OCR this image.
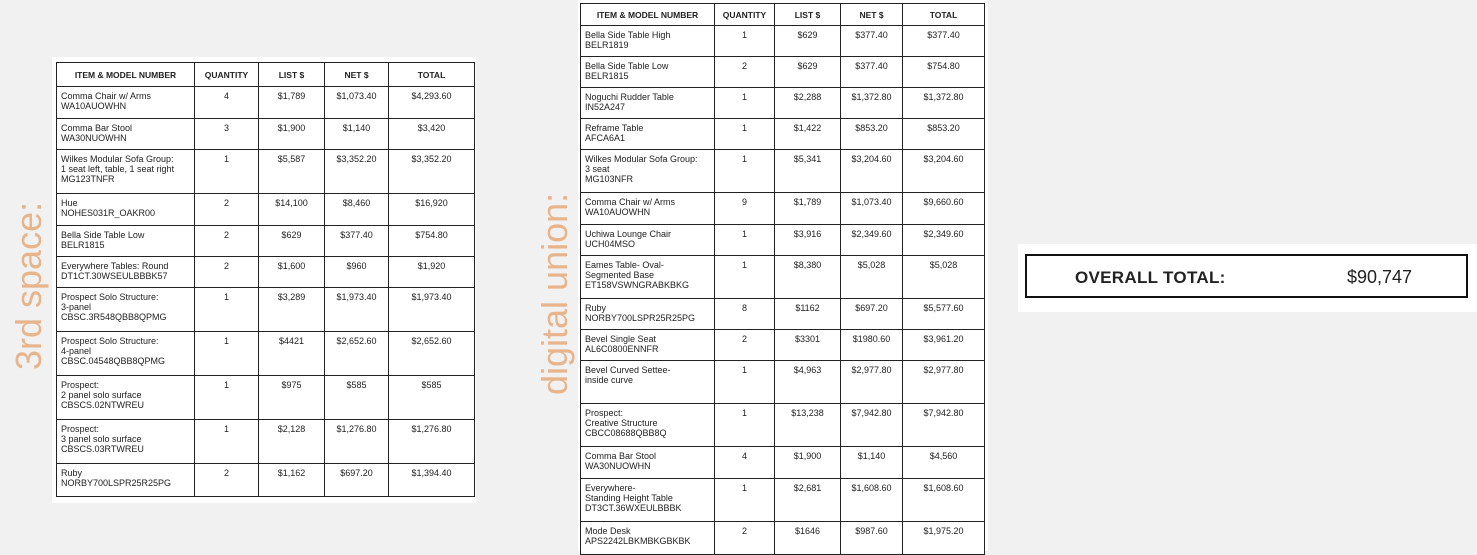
3rd space:	digital union:
ITEM & MODEL NUMBER	QUANTITY	LIST $	NET $	TOTAL

Comma Chair w/ Arms
WA10AUOWHN	4	$1,789	$1,073.40	$4,293.60

Comma Bar Stool
WA30NUOWHN	3	$1,900	$1,140	$3,420

Wilkes Modular Sofa Group:
1 seat left, table, 1 seat right
MG123TNFR	1	$5,587	$3,352.20	$3,352.20

Hue
NOHES031R_OAKR00	2	$14,100	$8,460	$16,920

Bella Side Table Low
BELR1815	2	$629	$377.40	$754.80

Everywhere Tables: Round
DT1CT.30WSEULBBBK57	2	$1,600	$960	$1,920

Prospect Solo Structure:
3-panel
CBSC.3R548QBB8QPMG	1	$3,289	$1,973.40	$1,973.40

Prospect Solo Structure:
4-panel
CBSC.04548QBB8QPMG	1	$4421	$2,652.60	$2,652.60

Prospect:
2 panel solo surface
CBSCS.02NTWREU	1	$975	$585	$585

Prospect:
3 panel solo surface
CBSCS.03RTWREU	1	$2,128	$1,276.80	$1,276.80

Ruby
NORBY700LSPR25R25PG	2	$1,162	$697.20	$1,394.40
ITEM & MODEL NUMBER	QUANTITY	LIST $	NET $	TOTAL

Bella Side Table High
BELR1819	1	$629	$377.40	$377.40

Bella Side Table Low
BELR1815	2	$629	$377.40	$754.80

Noguchi Rudder Table
IN52A247	1	$2,288	$1,372.80	$1,372.80

Reframe Table
AFCA6A1	1	$1,422	$853.20	$853.20

Wilkes Modular Sofa Group:
3 seat
MG103NFR	1	$5,341	$3,204.60	$3,204.60

Comma Chair w/ Arms
WA10AUOWHN	9	$1,789	$1,073.40	$9,660.60

Uchiwa Lounge Chair
UCH04MSO	1	$3,916	$2,349.60	$2,349.60

Eames Table- Oval-
Segmented Base
ET158VSWNGRABKBKG	1	$8,380	$5,028	$5,028

Ruby
NORBY700LSPR25R25PG	8	$1162	$697.20	$5,577.60

Bevel Single Seat
AL6C0800ENNFR	2	$3301	$1980.60	$3,961.20

Bevel Curved Settee-
inside curve	1	$4,963	$2,977.80	$2,977.80

Prospect:
Creative Structure
CBCC08688QBB8Q	1	$13,238	$7,942.80	$7,942.80

Comma Bar Stool
WA30NUOWHN	4	$1,900	$1,140	$4,560

Everywhere-
Standing Height Table
DT3CT.36WXEULBBBK	1	$2,681	$1,608.60	$1,608.60

Mode Desk
APS2242LBKMBKGBKBK	2	$1646	$987.60	$1,975.20
OVERALL TOTAL:	$90,747
